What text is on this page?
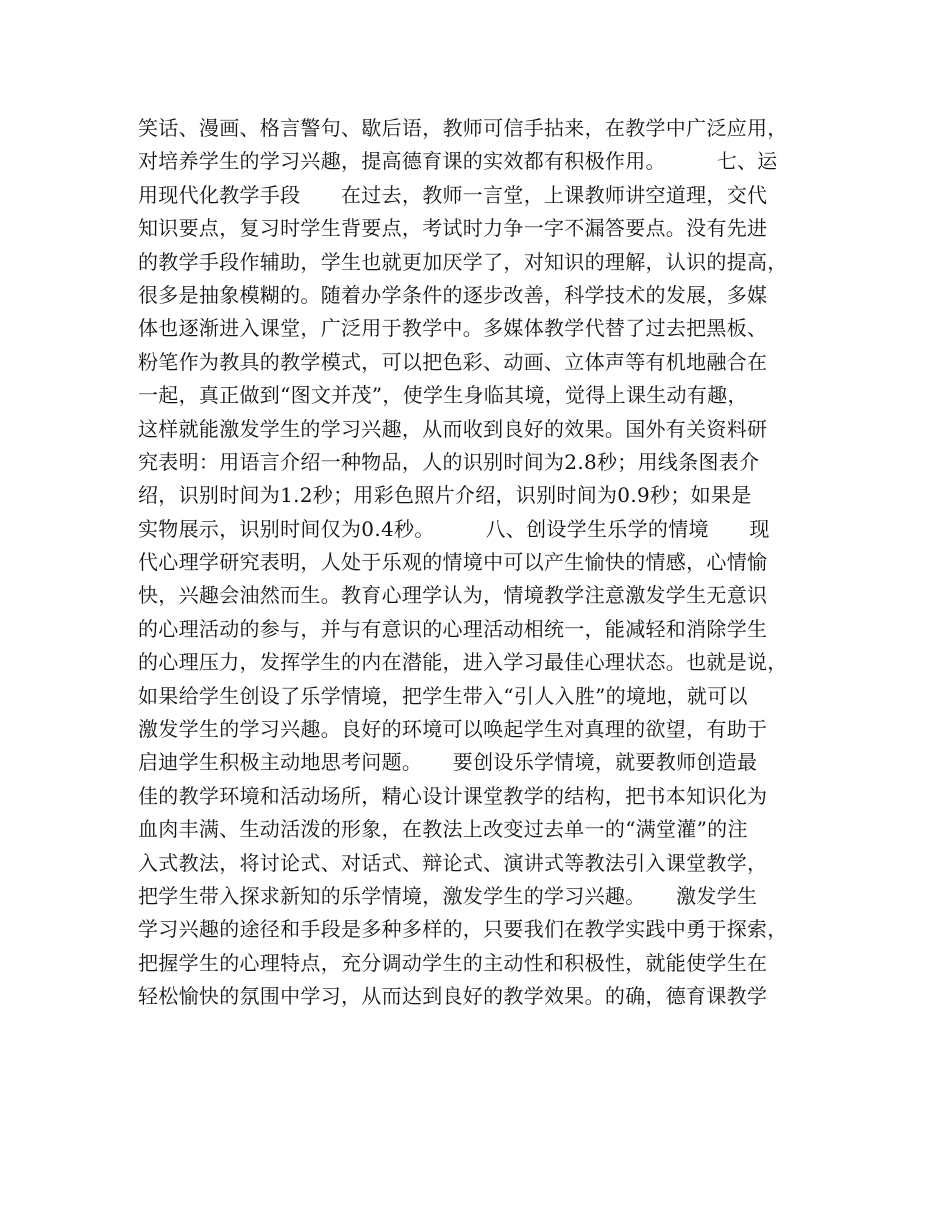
笑话、漫画、格言警句、歇后语，教师可信手拈来，在教学中广泛应用，
对培养学生的学习兴趣，提高德育课的实效都有积极作用。　　　七、运
用现代化教学手段　　在过去，教师一言堂，上课教师讲空道理，交代
知识要点，复习时学生背要点，考试时力争一字不漏答要点。没有先进
的教学手段作辅助，学生也就更加厌学了，对知识的理解，认识的提高，
很多是抽象模糊的。随着办学条件的逐步改善，科学技术的发展，多媒
体也逐渐进入课堂，广泛用于教学中。多媒体教学代替了过去把黑板、
粉笔作为教具的教学模式，可以把色彩、动画、立体声等有机地融合在
一起，真正做到“图文并茂”，使学生身临其境，觉得上课生动有趣，
这样就能激发学生的学习兴趣，从而收到良好的效果。国外有关资料研
究表明：用语言介绍一种物品，人的识别时间为2.8秒；用线条图表介
绍，识别时间为1.2秒；用彩色照片介绍，识别时间为0.9秒；如果是
实物展示，识别时间仅为0.4秒。　　　八、创设学生乐学的情境　　现
代心理学研究表明，人处于乐观的情境中可以产生愉快的情感，心情愉
快，兴趣会油然而生。教育心理学认为，情境教学注意激发学生无意识
的心理活动的参与，并与有意识的心理活动相统一，能减轻和消除学生
的心理压力，发挥学生的内在潜能，进入学习最佳心理状态。也就是说，
如果给学生创设了乐学情境，把学生带入“引人入胜”的境地，就可以
激发学生的学习兴趣。良好的环境可以唤起学生对真理的欲望，有助于
启迪学生积极主动地思考问题。　　要创设乐学情境，就要教师创造最
佳的教学环境和活动场所，精心设计课堂教学的结构，把书本知识化为
血肉丰满、生动活泼的形象，在教法上改变过去单一的“满堂灌”的注
入式教法，将讨论式、对话式、辩论式、演讲式等教法引入课堂教学，
把学生带入探求新知的乐学情境，激发学生的学习兴趣。　　激发学生
学习兴趣的途径和手段是多种多样的，只要我们在教学实践中勇于探索，
把握学生的心理特点，充分调动学生的主动性和积极性，就能使学生在
轻松愉快的氛围中学习，从而达到良好的教学效果。的确，德育课教学
